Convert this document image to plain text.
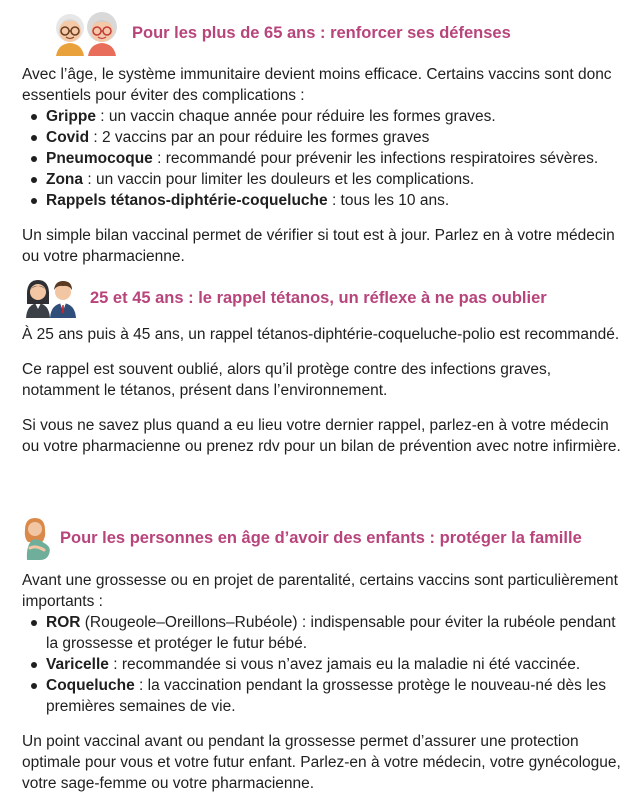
Pour les plus de 65 ans : renforcer ses défenses

Avec l’âge, le système immunitaire devient moins efficace. Certains vaccins sont donc essentiels pour éviter des complications :

Grippe : un vaccin chaque année pour réduire les formes graves.
Covid : 2 vaccins par an pour réduire les formes graves
Pneumocoque : recommandé pour prévenir les infections respiratoires sévères.
Zona : un vaccin pour limiter les douleurs et les complications.
Rappels tétanos-diphtérie-coqueluche : tous les 10 ans.

Un simple bilan vaccinal permet de vérifier si tout est à jour. Parlez en à votre médecin ou votre pharmacienne.

25 et 45 ans : le rappel tétanos, un réflexe à ne pas oublier

À 25 ans puis à 45 ans, un rappel tétanos-diphtérie-coqueluche-polio est recommandé.

Ce rappel est souvent oublié, alors qu’il protège contre des infections graves, notamment le tétanos, présent dans l’environnement.

Si vous ne savez plus quand a eu lieu votre dernier rappel, parlez-en à votre médecin ou votre pharmacienne ou prenez rdv pour un bilan de prévention avec notre infirmière.

Pour les personnes en âge d’avoir des enfants : protéger la famille

Avant une grossesse ou en projet de parentalité, certains vaccins sont particulièrement importants :

ROR (Rougeole–Oreillons–Rubéole) : indispensable pour éviter la rubéole pendant la grossesse et protéger le futur bébé.
Varicelle : recommandée si vous n’avez jamais eu la maladie ni été vaccinée.
Coqueluche : la vaccination pendant la grossesse protège le nouveau-né dès les premières semaines de vie.

Un point vaccinal avant ou pendant la grossesse permet d’assurer une protection optimale pour vous et votre futur enfant. Parlez-en à votre médecin, votre gynécologue, votre sage-femme ou votre pharmacienne.
